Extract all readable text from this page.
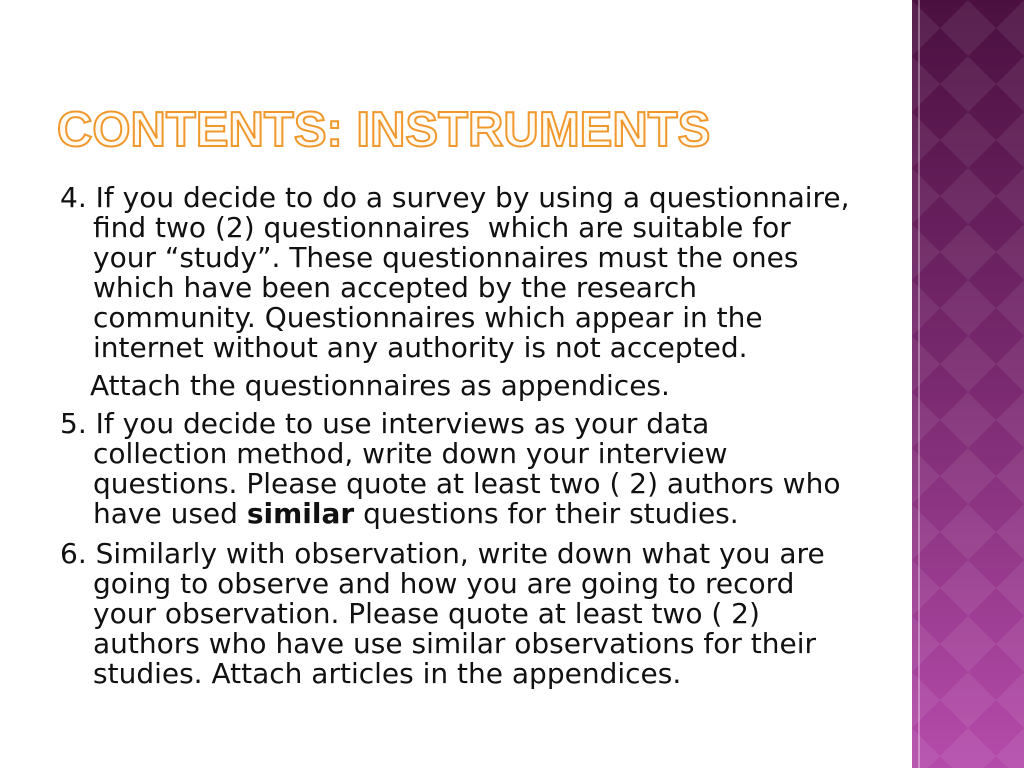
CONTENTS: INSTRUMENTS
4. If you decide to do a survey by using a questionnaire,
find two (2) questionnaires  which are suitable for
your “study”. These questionnaires must the ones
which have been accepted by the research
community. Questionnaires which appear in the
internet without any authority is not accepted.
Attach the questionnaires as appendices.
5. If you decide to use interviews as your data
collection method, write down your interview
questions. Please quote at least two ( 2) authors who
have used similar questions for their studies.
6. Similarly with observation, write down what you are
going to observe and how you are going to record
your observation. Please quote at least two ( 2)
authors who have use similar observations for their
studies. Attach articles in the appendices.
